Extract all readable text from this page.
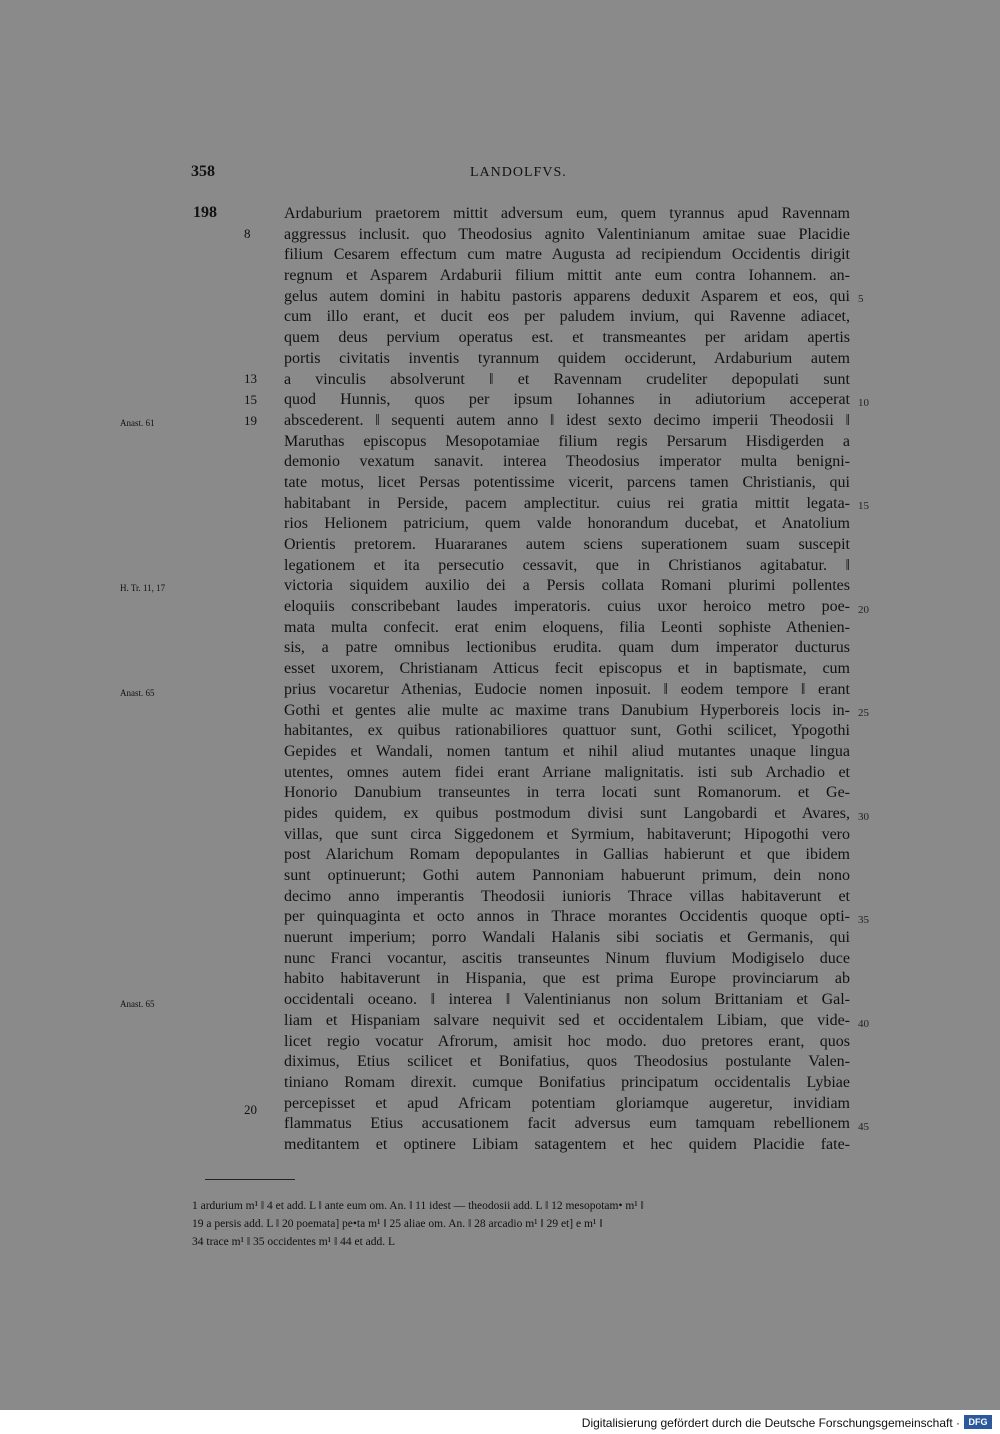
358	LANDOLFVS.
198
8
13
15
19
20
Anast. 61
H. Tr. 11, 17
Anast. 65
Anast. 65
Ardaburium praetorem mittit adversum eum, quem tyrannus apud Ravennam
aggressus inclusit. quo Theodosius agnito Valentinianum amitae suae Placidie
filium Cesarem effectum cum matre Augusta ad recipiendum Occidentis dirigit
regnum et Asparem Ardaburii filium mittit ante eum contra Iohannem. an-
gelus autem domini in habitu pastoris apparens deduxit Asparem et eos, qui
cum illo erant, et ducit eos per paludem invium, qui Ravenne adiacet,
quem deus pervium operatus est. et transmeantes per aridam apertis
portis civitatis inventis tyrannum quidem occiderunt, Ardaburium autem
a vinculis absolverunt ‖ et Ravennam crudeliter depopulati sunt
quod Hunnis, quos per ipsum Iohannes in adiutorium acceperat
abscederent. ‖ sequenti autem anno ‖ idest sexto decimo imperii Theodosii ‖
Maruthas episcopus Mesopotamiae filium regis Persarum Hisdigerden a
demonio vexatum sanavit. interea Theodosius imperator multa benigni-
tate motus, licet Persas potentissime vicerit, parcens tamen Christianis, qui
habitabant in Perside, pacem amplectitur. cuius rei gratia mittit legata-
rios Helionem patricium, quem valde honorandum ducebat, et Anatolium
Orientis pretorem. Huararanes autem sciens superationem suam suscepit
legationem et ita persecutio cessavit, que in Christianos agitabatur. ‖
victoria siquidem auxilio dei a Persis collata Romani plurimi pollentes
eloquiis conscribebant laudes imperatoris. cuius uxor heroico metro poe-
mata multa confecit. erat enim eloquens, filia Leonti sophiste Athenien-
sis, a patre omnibus lectionibus erudita. quam dum imperator ducturus
esset uxorem, Christianam Atticus fecit episcopus et in baptismate, cum
prius vocaretur Athenias, Eudocie nomen inposuit. ‖ eodem tempore ‖ erant
Gothi et gentes alie multe ac maxime trans Danubium Hyperboreis locis in-
habitantes, ex quibus rationabiliores quattuor sunt, Gothi scilicet, Ypogothi
Gepides et Wandali, nomen tantum et nihil aliud mutantes unaque lingua
utentes, omnes autem fidei erant Arriane malignitatis. isti sub Archadio et
Honorio Danubium transeuntes in terra locati sunt Romanorum. et Ge-
pides quidem, ex quibus postmodum divisi sunt Langobardi et Avares,
villas, que sunt circa Siggedonem et Syrmium, habitaverunt; Hipogothi vero
post Alarichum Romam depopulantes in Gallias habierunt et que ibidem
sunt optinuerunt; Gothi autem Pannoniam habuerunt primum, dein nono
decimo anno imperantis Theodosii iunioris Thrace villas habitaverunt et
per quinquaginta et octo annos in Thrace morantes Occidentis quoque opti-
nuerunt imperium; porro Wandali Halanis sibi sociatis et Germanis, qui
nunc Franci vocantur, ascitis transeuntes Ninum fluvium Modigiselo duce
habito habitaverunt in Hispania, que est prima Europe provinciarum ab
occidentali oceano. ‖ interea ‖ Valentinianus non solum Brittaniam et Gal-
liam et Hispaniam salvare nequivit sed et occidentalem Libiam, que vide-
licet regio vocatur Afrorum, amisit hoc modo. duo pretores erant, quos
diximus, Etius scilicet et Bonifatius, quos Theodosius postulante Valen-
tiniano Romam direxit. cumque Bonifatius principatum occidentalis Lybiae
percepisset et apud Africam potentiam gloriamque augeretur, invidiam
flammatus Etius accusationem facit adversus eum tamquam rebellionem
meditantem et optinere Libiam satagentem et hec quidem Placidie fate-
5
10
15
20
25
30
35
40
45
1 ardurium m¹ ‖ 4 et add. L ‖ ante eum om. An. ‖ 11 idest — theodosii add. L ‖ 12 mesopotam• m¹ ‖
19 a persis add. L ‖ 20 poemata] pe•ta m¹ ‖ 25 aliae om. An. ‖ 28 arcadio m¹ ‖ 29 et] e m¹ ‖
34 trace m¹ ‖ 35 occidentes m¹ ‖ 44 et add. L
Digitalisierung gefördert durch die Deutsche Forschungsgemeinschaft · DFG
